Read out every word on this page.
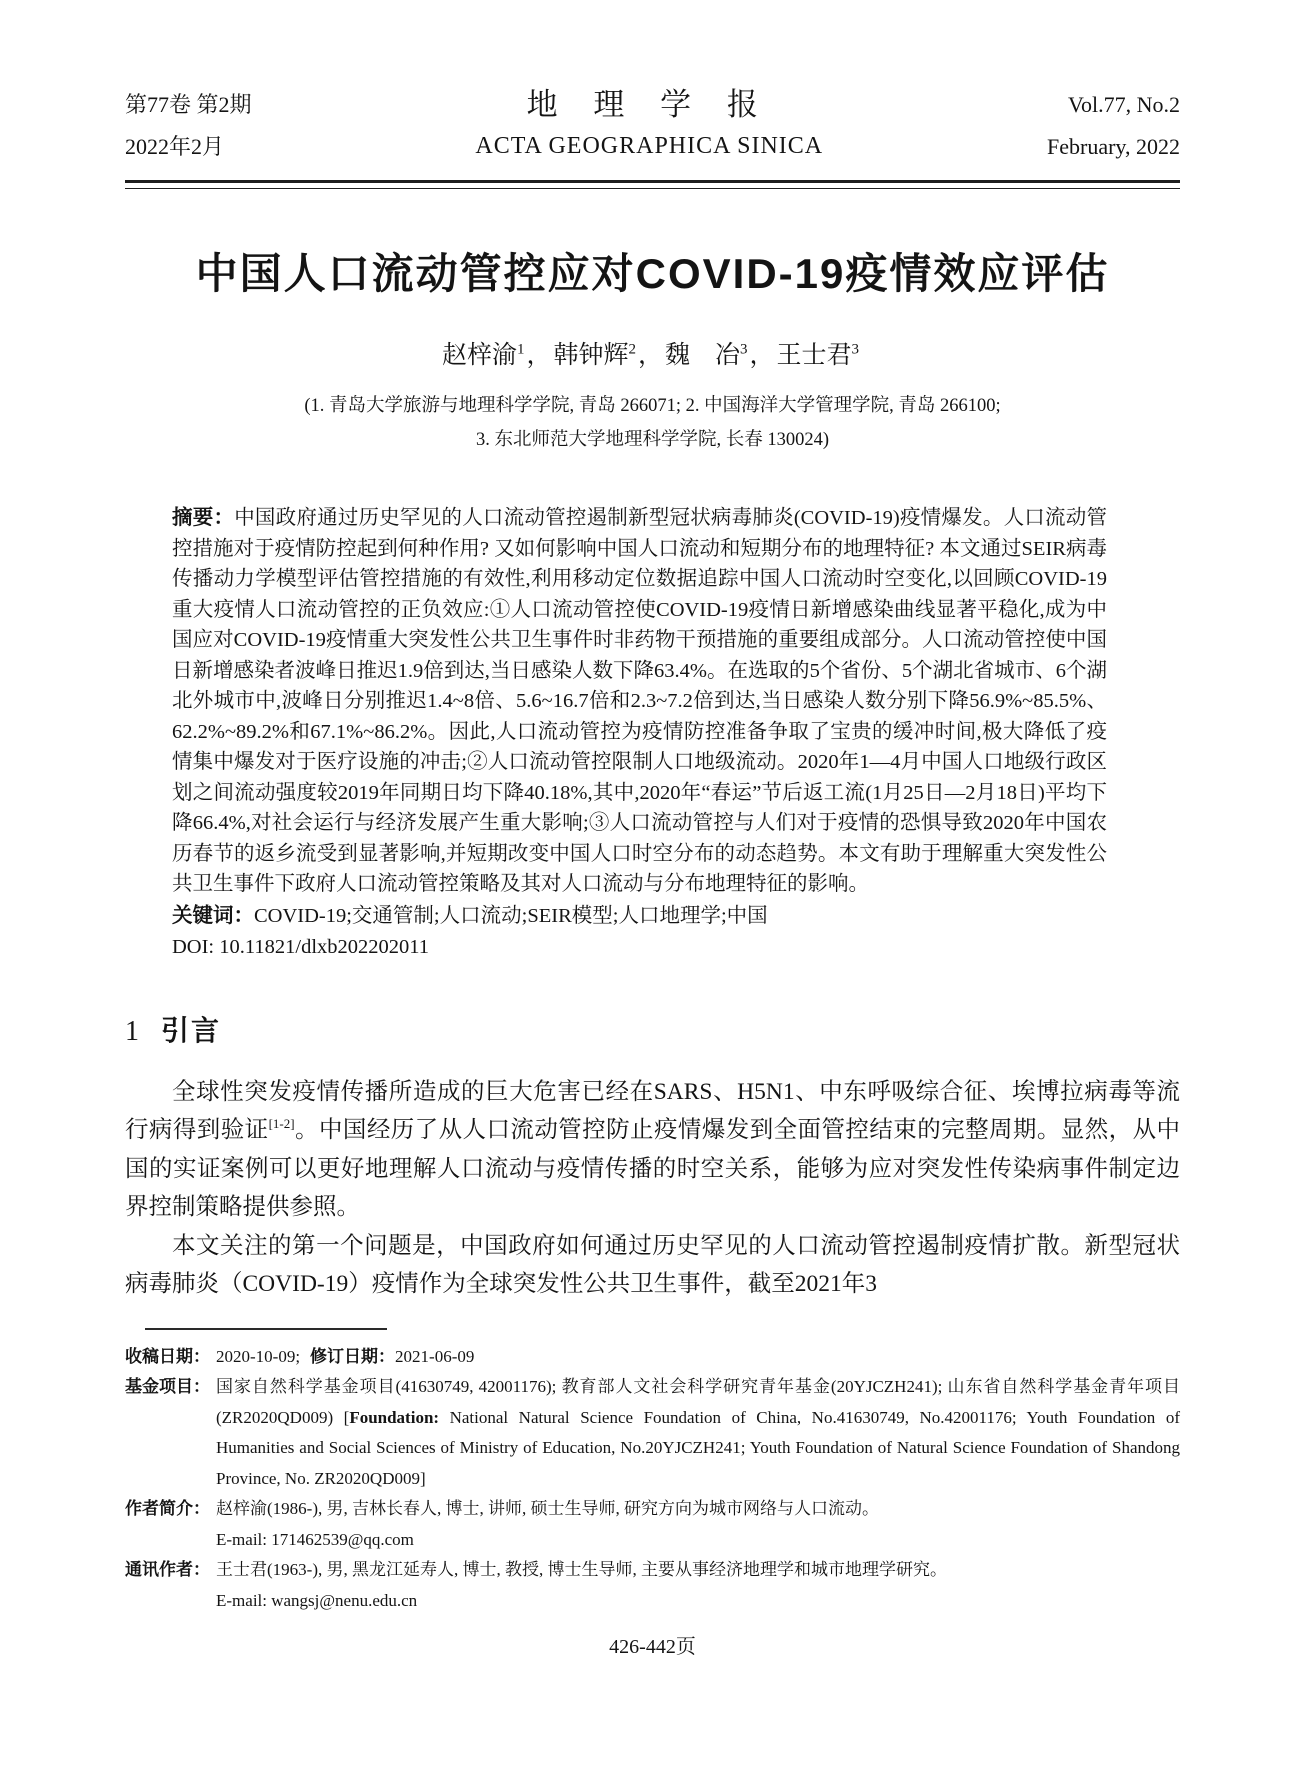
第77卷 第2期
2022年2月
地 理 学 报
ACTA GEOGRAPHICA SINICA
Vol.77, No.2
February, 2022
中国人口流动管控应对COVID-19疫情效应评估
赵梓渝$^1$，韩钟辉$^2$，魏　冶$^3$，王士君$^3$
(1. 青岛大学旅游与地理科学学院, 青岛 266071; 2. 中国海洋大学管理学院, 青岛 266100;
3. 东北师范大学地理科学学院, 长春 130024)
摘要：中国政府通过历史罕见的人口流动管控遏制新型冠状病毒肺炎(COVID-19)疫情爆发。人口流动管控措施对于疫情防控起到何种作用? 又如何影响中国人口流动和短期分布的地理特征? 本文通过SEIR病毒传播动力学模型评估管控措施的有效性,利用移动定位数据追踪中国人口流动时空变化,以回顾COVID-19重大疫情人口流动管控的正负效应:①人口流动管控使COVID-19疫情日新增感染曲线显著平稳化,成为中国应对COVID-19疫情重大突发性公共卫生事件时非药物干预措施的重要组成部分。人口流动管控使中国日新增感染者波峰日推迟1.9倍到达,当日感染人数下降63.4%。在选取的5个省份、5个湖北省城市、6个湖北外城市中,波峰日分别推迟1.4~8倍、5.6~16.7倍和2.3~7.2倍到达,当日感染人数分别下降56.9%~85.5%、62.2%~89.2%和67.1%~86.2%。因此,人口流动管控为疫情防控准备争取了宝贵的缓冲时间,极大降低了疫情集中爆发对于医疗设施的冲击;②人口流动管控限制人口地级流动。2020年1—4月中国人口地级行政区划之间流动强度较2019年同期日均下降40.18%,其中,2020年“春运”节后返工流(1月25日—2月18日)平均下降66.4%,对社会运行与经济发展产生重大影响;③人口流动管控与人们对于疫情的恐惧导致2020年中国农历春节的返乡流受到显著影响,并短期改变中国人口时空分布的动态趋势。本文有助于理解重大突发性公共卫生事件下政府人口流动管控策略及其对人口流动与分布地理特征的影响。
关键词：COVID-19;交通管制;人口流动;SEIR模型;人口地理学;中国
DOI: 10.11821/dlxb202202011
1 引言

全球性突发疫情传播所造成的巨大危害已经在SARS、H5N1、中东呼吸综合征、埃博拉病毒等流行病得到验证[1-2]。中国经历了从人口流动管控防止疫情爆发到全面管控结束的完整周期。显然，从中国的实证案例可以更好地理解人口流动与疫情传播的时空关系，能够为应对突发性传染病事件制定边界控制策略提供参照。

本文关注的第一个问题是，中国政府如何通过历史罕见的人口流动管控遏制疫情扩散。新型冠状病毒肺炎（COVID-19）疫情作为全球突发性公共卫生事件，截至2021年3

收稿日期： 2020-10-09; 修订日期：2021-06-09
基金项目： 国家自然科学基金项目(41630749, 42001176); 教育部人文社会科学研究青年基金(20YJCZH241); 山东省自然科学基金青年项目(ZR2020QD009) [Foundation: National Natural Science Foundation of China, No.41630749, No.42001176; Youth Foundation of Humanities and Social Sciences of Ministry of Education, No.20YJCZH241; Youth Foundation of Natural Science Foundation of Shandong Province, No. ZR2020QD009]
作者简介： 赵梓渝(1986-), 男, 吉林长春人, 博士, 讲师, 硕士生导师, 研究方向为城市网络与人口流动。
E-mail: 171462539@qq.com
通讯作者： 王士君(1963-), 男, 黑龙江延寿人, 博士, 教授, 博士生导师, 主要从事经济地理学和城市地理学研究。
E-mail: wangsj@nenu.edu.cn
426-442页
